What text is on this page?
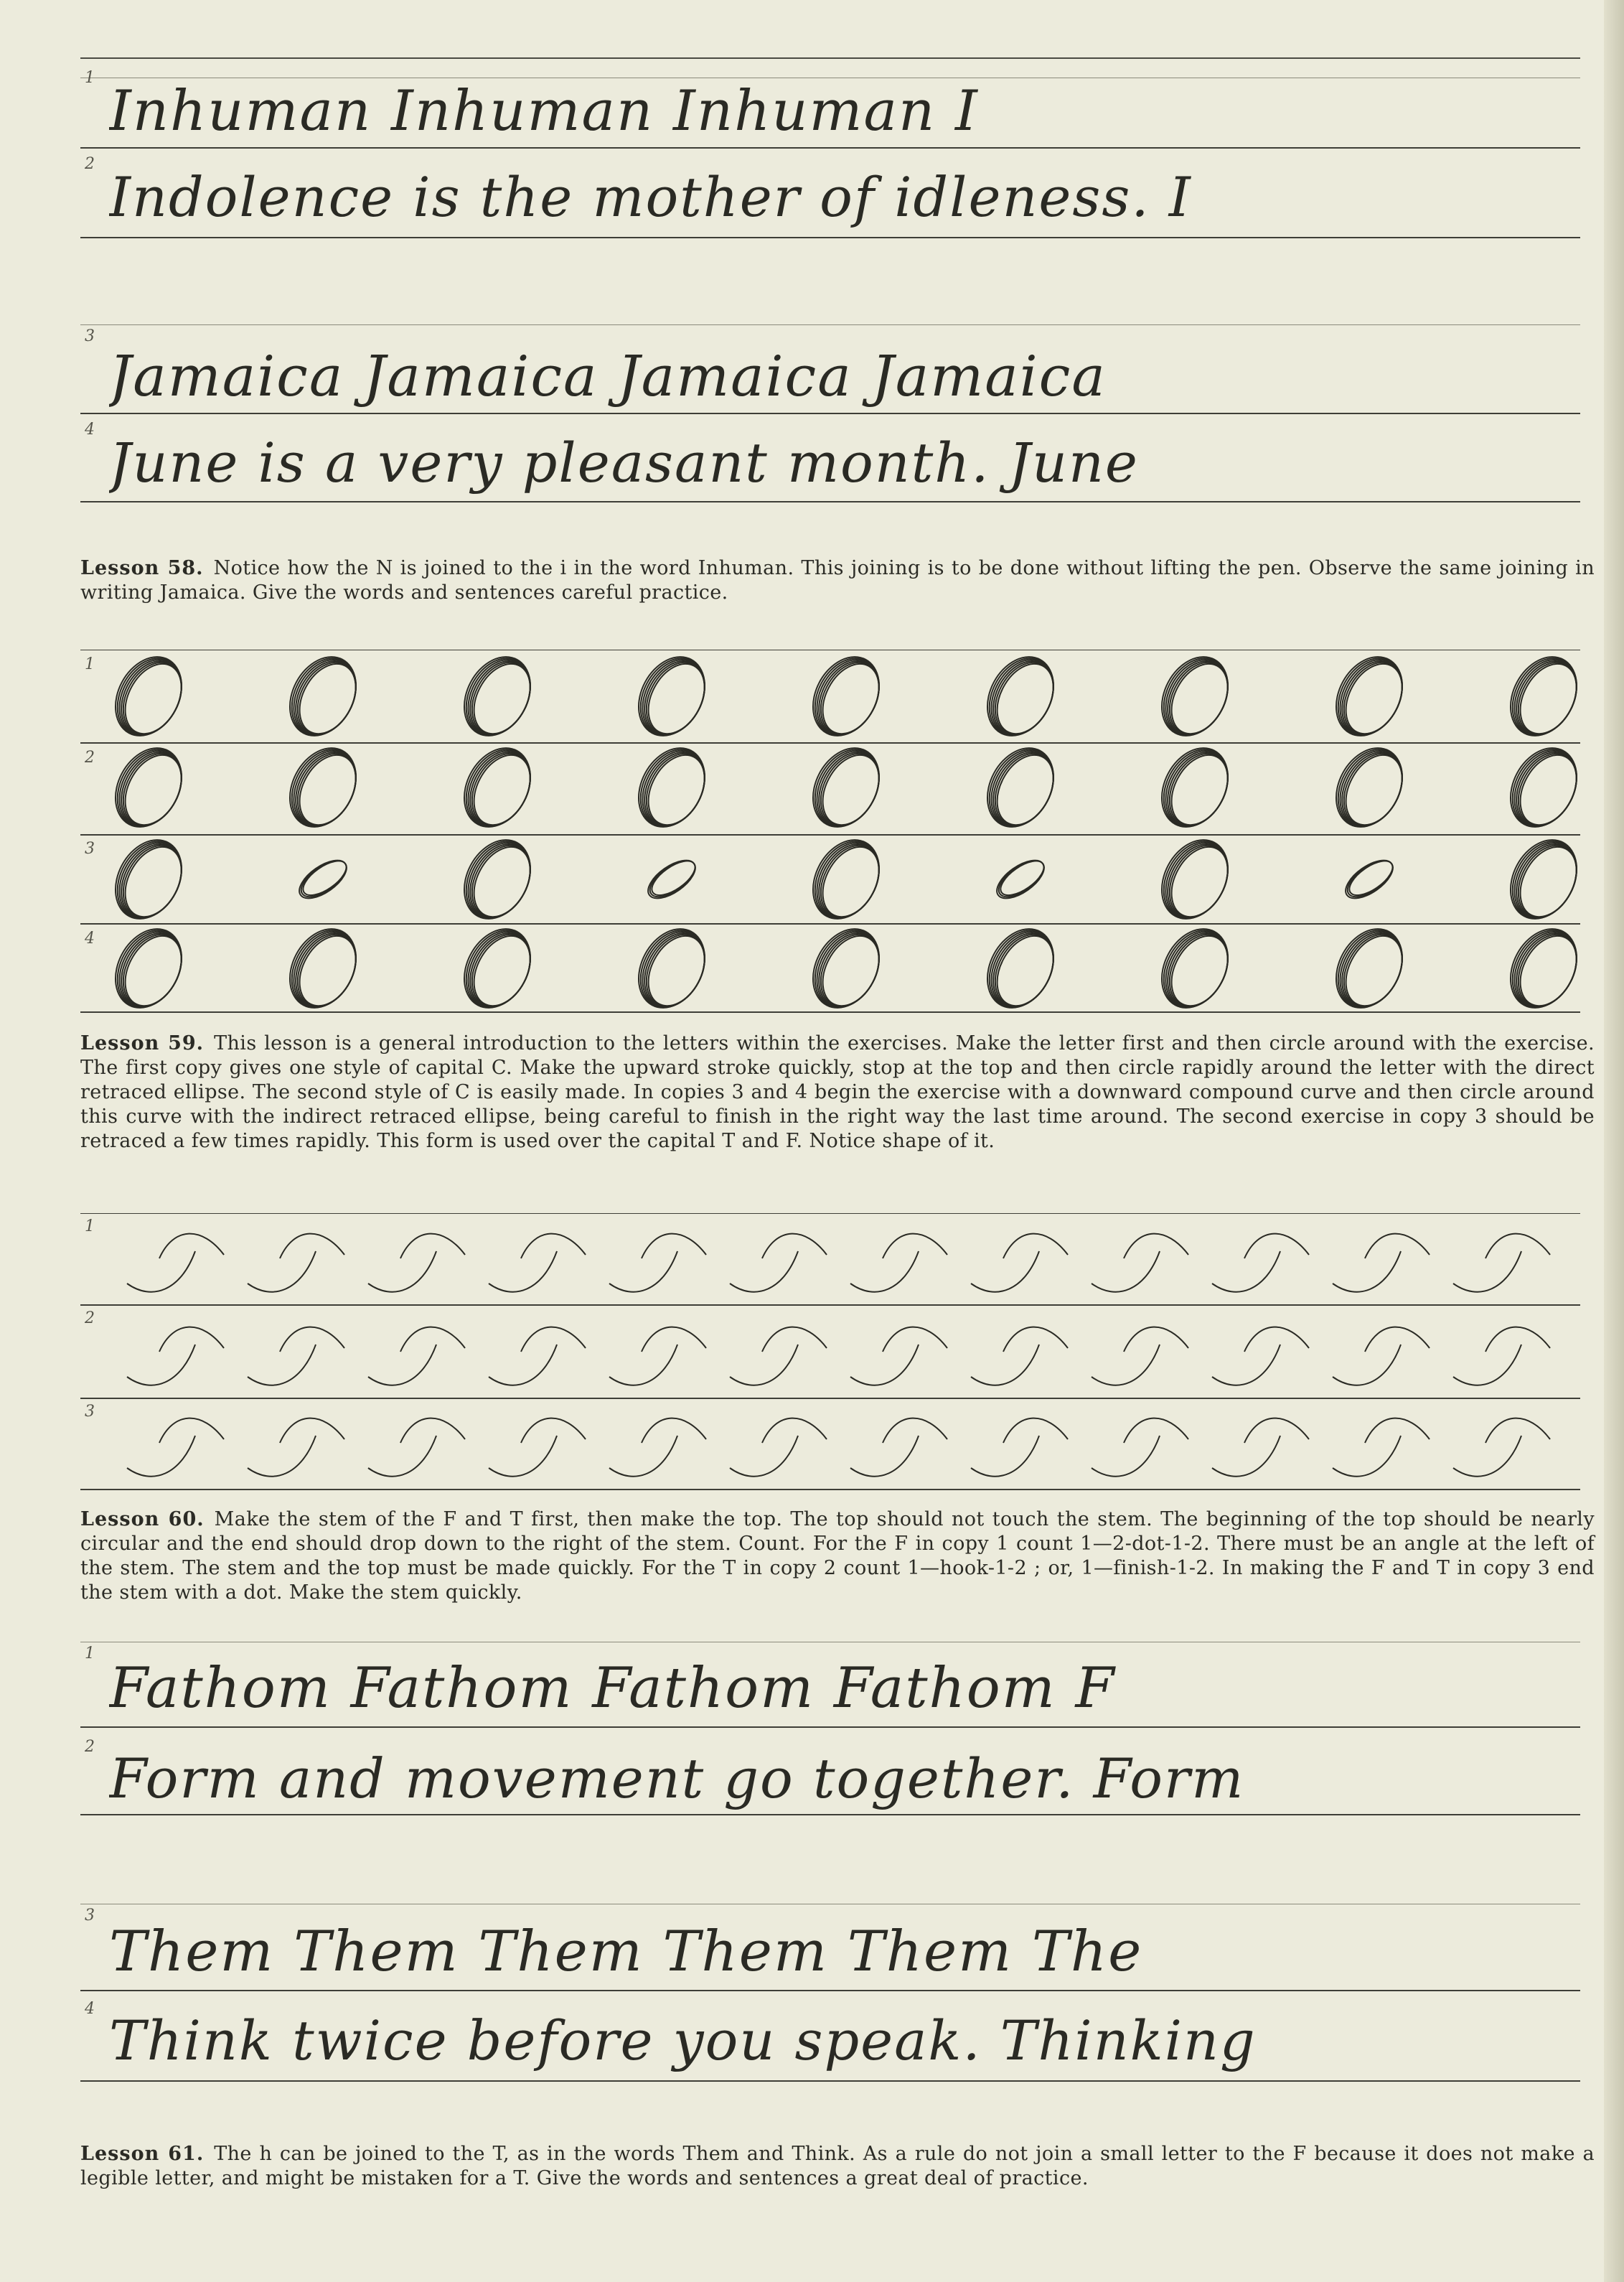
1
Inhuman Inhuman Inhuman I
2
Indolence is the mother of idleness. I
3
Jamaica Jamaica Jamaica Jamaica
4
June is a very pleasant month. June

Lesson 58. Notice how the N is joined to the i in the word Inhuman. This joining is to be done without lifting the pen. Observe the same joining in writing Jamaica. Give the words and sentences careful practice.

1
2
3
4

Lesson 59. This lesson is a general introduction to the letters within the exercises. Make the letter first and then circle around with the exercise. The first copy gives one style of capital C. Make the upward stroke quickly, stop at the top and then circle rapidly around the letter with the direct retraced ellipse. The second style of C is easily made. In copies 3 and 4 begin the exercise with a downward compound curve and then circle around this curve with the indirect retraced ellipse, being careful to finish in the right way the last time around. The second exercise in copy 3 should be retraced a few times rapidly. This form is used over the capital T and F. Notice shape of it.

1
2
3

Lesson 60. Make the stem of the F and T first, then make the top. The top should not touch the stem. The beginning of the top should be nearly circular and the end should drop down to the right of the stem. Count. For the F in copy 1 count 1—2-dot-1-2. There must be an angle at the left of the stem. The stem and the top must be made quickly. For the T in copy 2 count 1—hook-1-2 ; or, 1—finish-1-2. In making the F and T in copy 3 end the stem with a dot. Make the stem quickly.

1
Fathom Fathom Fathom Fathom F
2 Form and movement go together. Form
3
Them Them Them Them Them The
4 Think twice before you speak. Thinking

Lesson 61. The h can be joined to the T, as in the words Them and Think. As a rule do not join a small letter to the F because it does not make a legible letter, and might be mistaken for a T. Give the words and sentences a great deal of practice.
